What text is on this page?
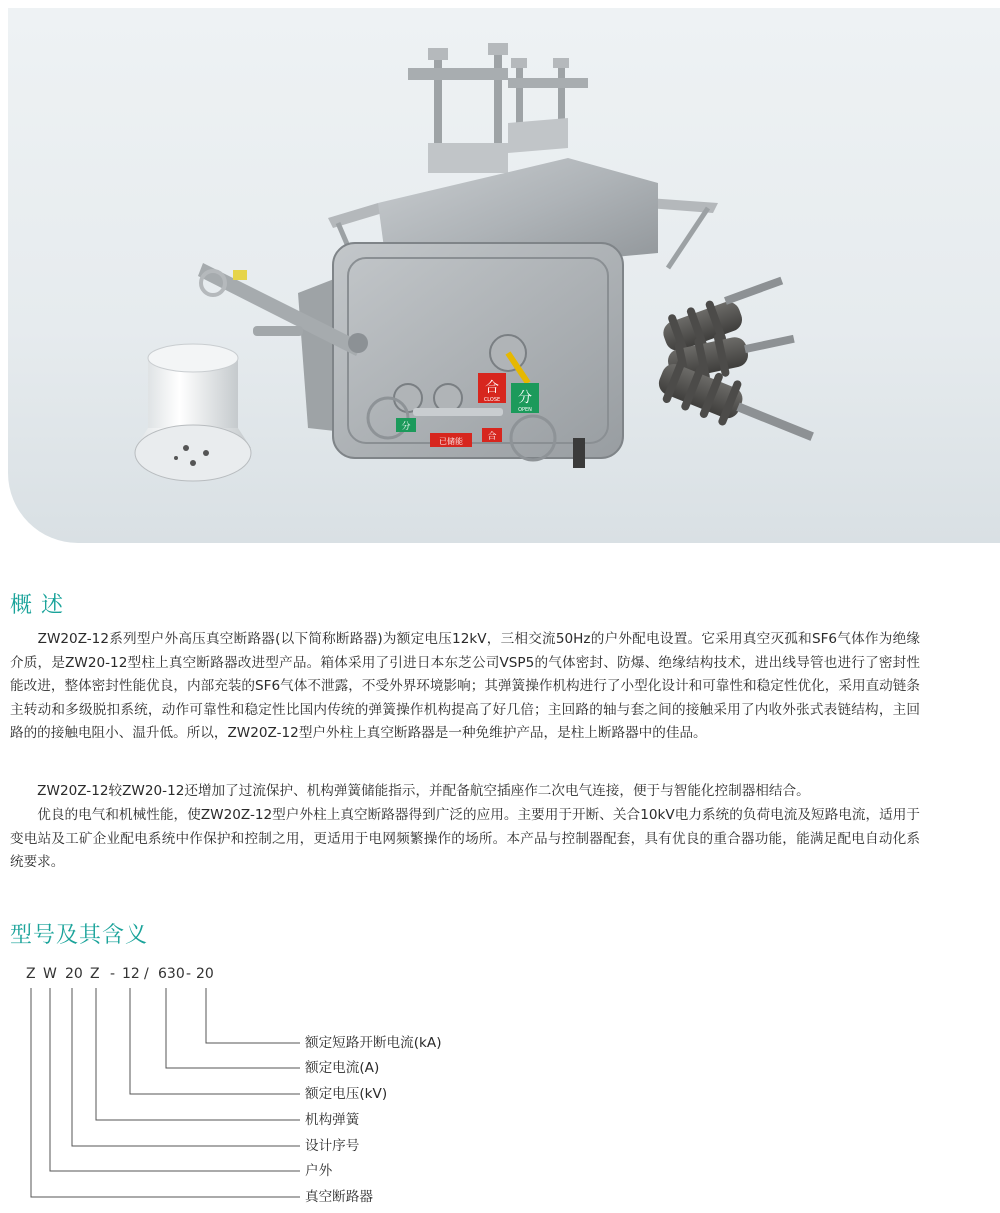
合
CLOSE 分
OPEN
分
已储能	合
概 述

　　ZW20Z-12系列型户外高压真空断路器(以下简称断路器)为额定电压12kV，三相交流50Hz的户外配电设置。它采用真空灭孤和SF6气体作为绝缘介质，是ZW20-12型柱上真空断路器改进型产品。箱体采用了引进日本东芝公司VSP5的气体密封、防爆、绝缘结构技术，进出线导管也进行了密封性能改进，整体密封性能优良，内部充装的SF6气体不泄露，不受外界环境影响；其弹簧操作机构进行了小型化设计和可靠性和稳定性优化，采用直动链条主转动和多级脱扣系统，动作可靠性和稳定性比国内传统的弹簧操作机构提高了好几倍；主回路的轴与套之间的接触采用了内收外张式表链结构，主回路的的接触电阻小、温升低。所以，ZW20Z-12型户外柱上真空断路器是一种免维护产品，是柱上断路器中的佳品。

　　ZW20Z-12较ZW20-12还增加了过流保护、机构弹簧储能指示，并配备航空插座作二次电气连接，便于与智能化控制器相结合。

　　优良的电气和机械性能，使ZW20Z-12型户外柱上真空断路器得到广泛的应用。主要用于开断、关合10kV电力系统的负荷电流及短路电流，适用于变电站及工矿企业配电系统中作保护和控制之用，更适用于电网频繁操作的场所。本产品与控制器配套，具有优良的重合器功能，能满足配电自动化系统要求。

型号及其含义
Z W 20 Z - 12 / 630 - 20
额定短路开断电流(kA)
额定电流(A)
额定电压(kV)
机构弹簧
设计序号
户外
真空断路器
